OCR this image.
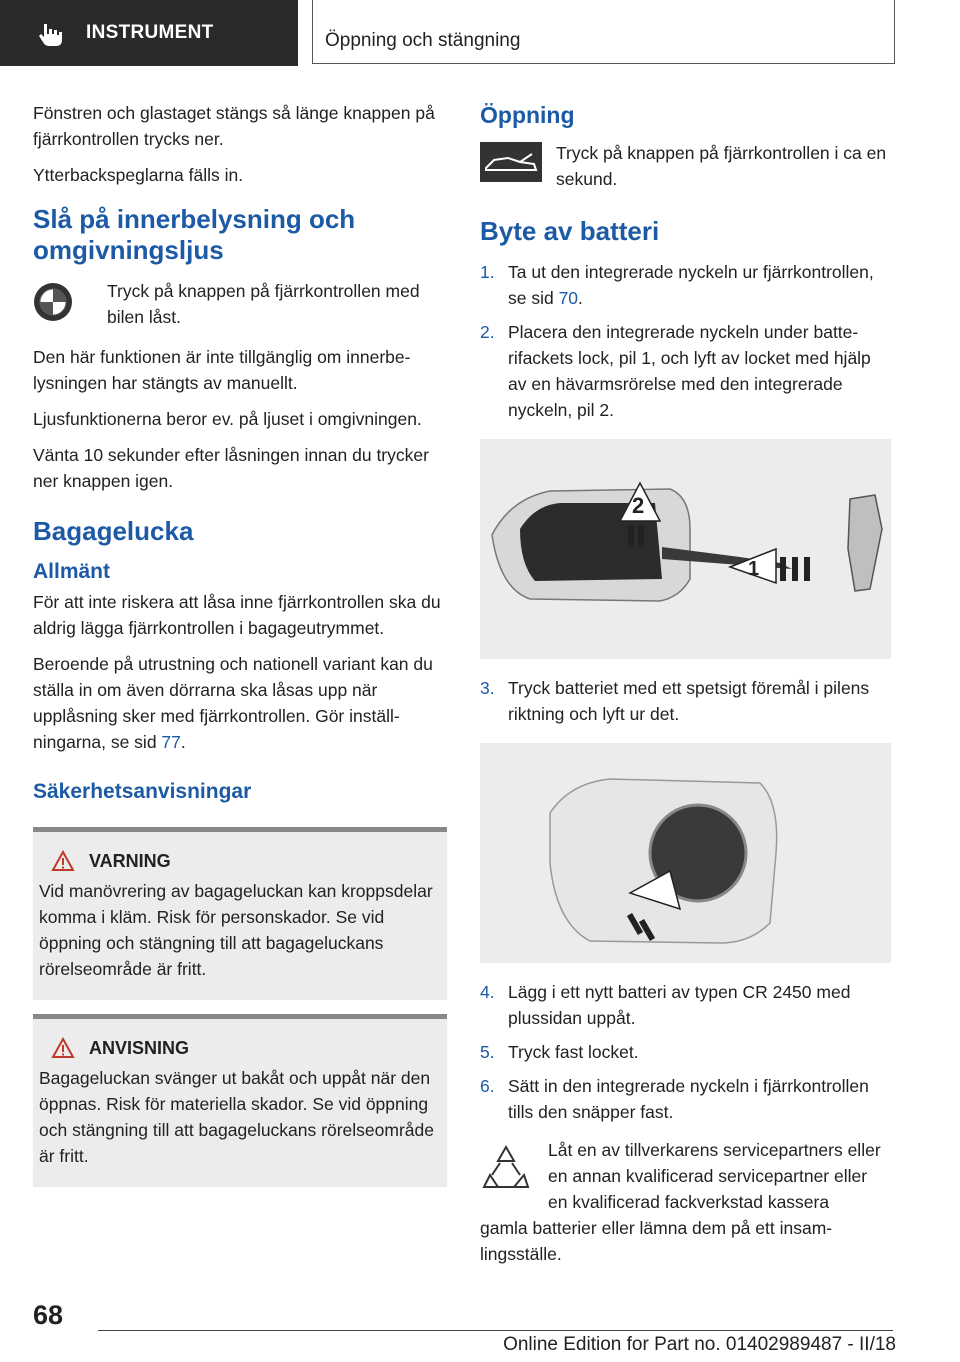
INSTRUMENT	Öppning och stängning

Fönstren och glastaget stängs så länge knappen på fjärrkontrollen trycks ner.

Ytterbackspeglarna fälls in.

Slå på innerbelysning och omgivningsljus

Tryck på knappen på fjärrkontrollen med bilen låst.

Den här funktionen är inte tillgänglig om innerbelysningen har stängts av manuellt.

Ljusfunktionerna beror ev. på ljuset i omgivningen.

Vänta 10 sekunder efter låsningen innan du trycker ner knappen igen.

Bagagelucka
Allmänt

För att inte riskera att låsa inne fjärrkontrollen ska du aldrig lägga fjärrkontrollen i bagageutrymmet.

Beroende på utrustning och nationell variant kan du ställa in om även dörrarna ska låsas upp när upplåsning sker med fjärrkontrollen. Gör inställningarna, se sid 77.

Säkerhetsanvisningar
VARNING

Vid manövrering av bagageluckan kan kroppsdelar komma i kläm. Risk för personskador. Se vid öppning och stängning till att bagageluckans rörelseområde är fritt.

ANVISNING

Bagageluckan svänger ut bakåt och uppåt när den öppnas. Risk för materiella skador. Se vid öppning och stängning till att bagageluckans rörelseområde är fritt.

Öppning

Tryck på knappen på fjärrkontrollen i ca en sekund.

Byte av batteri
1. Ta ut den integrerade nyckeln ur fjärrkontrollen, se sid 70.
2. Placera den integrerade nyckeln under batterifackets lock, pil 1, och lyft av locket med hjälp av en hävarmsrörelse med den integrerade nyckeln, pil 2.
2
1
3. Tryck batteriet med ett spetsigt föremål i pilens riktning och lyft ur det.
4. Lägg i ett nytt batteri av typen CR 2450 med plussidan uppåt.
5. Tryck fast locket.
6. Sätt in den integrerade nyckeln i fjärrkontrollen tills den snäpper fast.

Låt en av tillverkarens servicepartners eller en annan kvalificerad servicepartner eller en kvalificerad fackverkstad kassera

gamla batterier eller lämna dem på ett insamlingsställe.

68
Online Edition for Part no. 01402989487 - II/18
